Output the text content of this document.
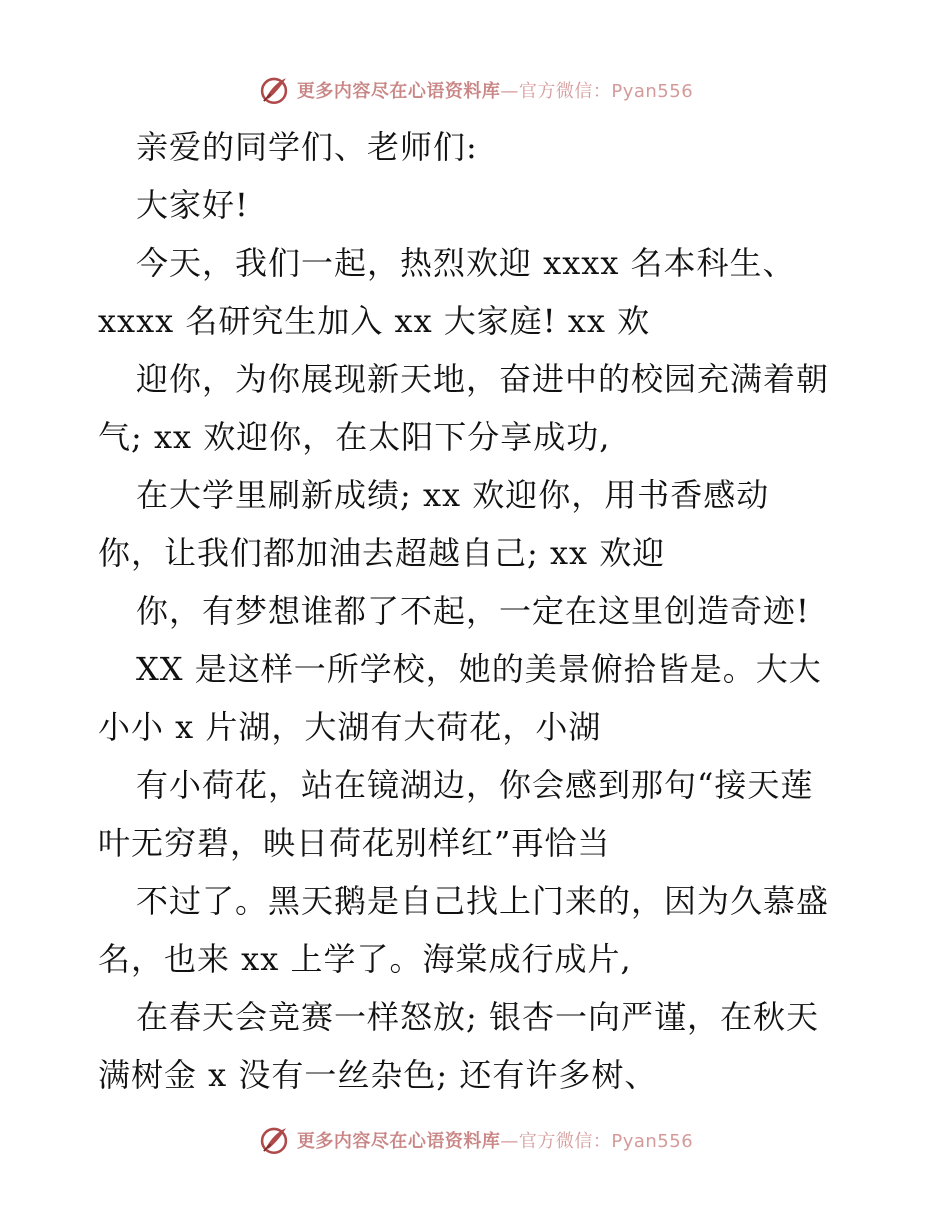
更多内容尽在心语资料库—官方微信：Pyan556
亲爱的同学们、老师们:
大家好!
今天，我们一起，热烈欢迎 xxxx 名本科生、
xxxx 名研究生加入 xx 大家庭! xx 欢
迎你，为你展现新天地，奋进中的校园充满着朝
气; xx 欢迎你，在太阳下分享成功,
在大学里刷新成绩; xx 欢迎你，用书香感动
你，让我们都加油去超越自己; xx 欢迎
你，有梦想谁都了不起，一定在这里创造奇迹!
XX 是这样一所学校，她的美景俯拾皆是。大大
小小 x 片湖，大湖有大荷花，小湖
有小荷花，站在镜湖边，你会感到那句“接天莲
叶无穷碧，映日荷花别样红”再恰当
不过了。黑天鹅是自己找上门来的，因为久慕盛
名，也来 xx 上学了。海棠成行成片,
在春天会竞赛一样怒放; 银杏一向严谨，在秋天
满树金 x 没有一丝杂色; 还有许多树、
更多内容尽在心语资料库—官方微信：Pyan556
